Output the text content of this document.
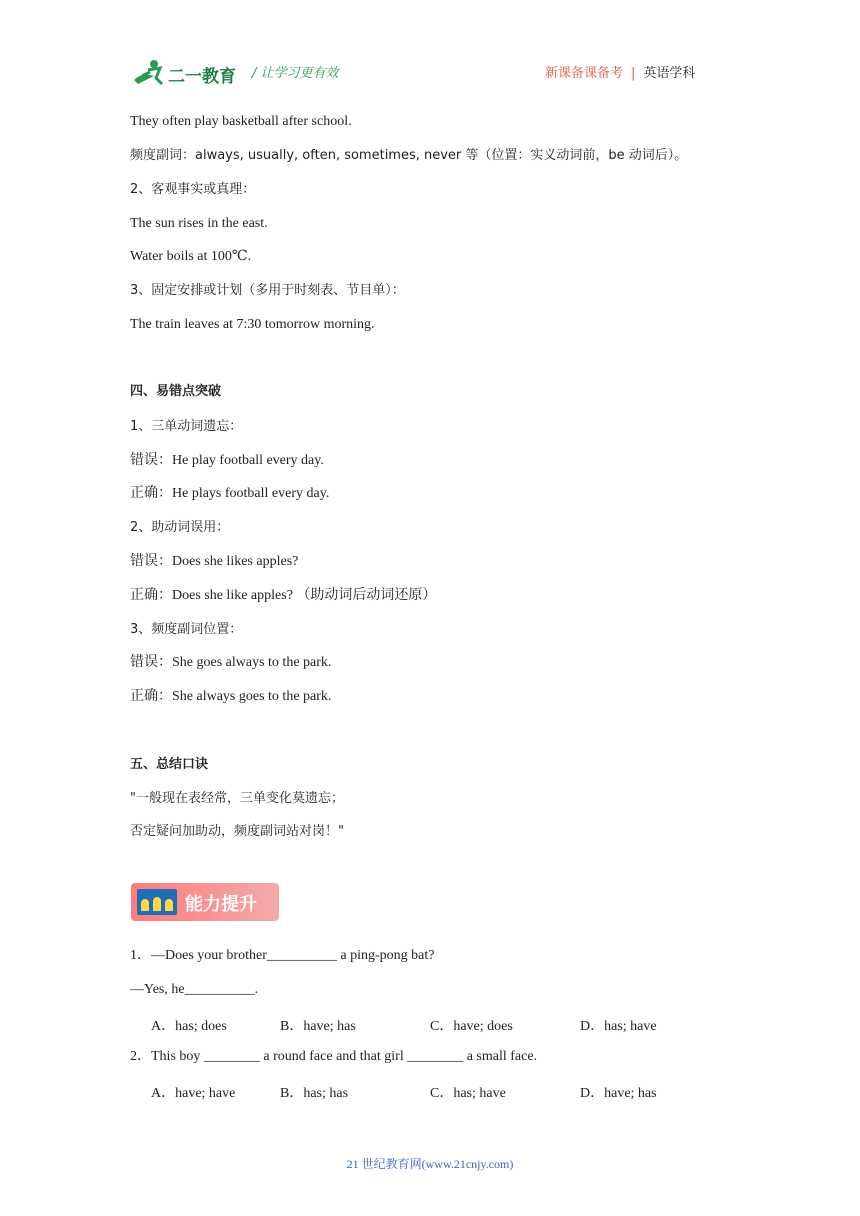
二一教育 / 让学习更有效	新课备课备考 | 英语学科
They often play basketball after school.
频度副词：always, usually, often, sometimes, never 等（位置：实义动词前，be 动词后）。
2、客观事实或真理：
The sun rises in the east.
Water boils at 100℃.
3、固定安排或计划（多用于时刻表、节目单）：
The train leaves at 7:30 tomorrow morning.
四、易错点突破
1、三单动词遗忘：
错误：He play football every day.
正确：He plays football every day.
2、助动词误用：
错误：Does she likes apples?
正确：Does she like apples? （助动词后动词还原）
3、频度副词位置：
错误：She goes always to the park.
正确：She always goes to the park.
五、总结口诀
"一般现在表经常，三单变化莫遗忘；
否定疑问加助动，频度副词站对岗！"
能力提升
1．—Does your brother__________ a ping-pong bat?
—Yes, he__________.
A．has; does	B．have; has	C．have; does	D．has; have
2．This boy ________ a round face and that girl ________ a small face.
A．have; have	B．has; has	C．has; have	D．have; has
21 世纪教育网(www.21cnjy.com)
